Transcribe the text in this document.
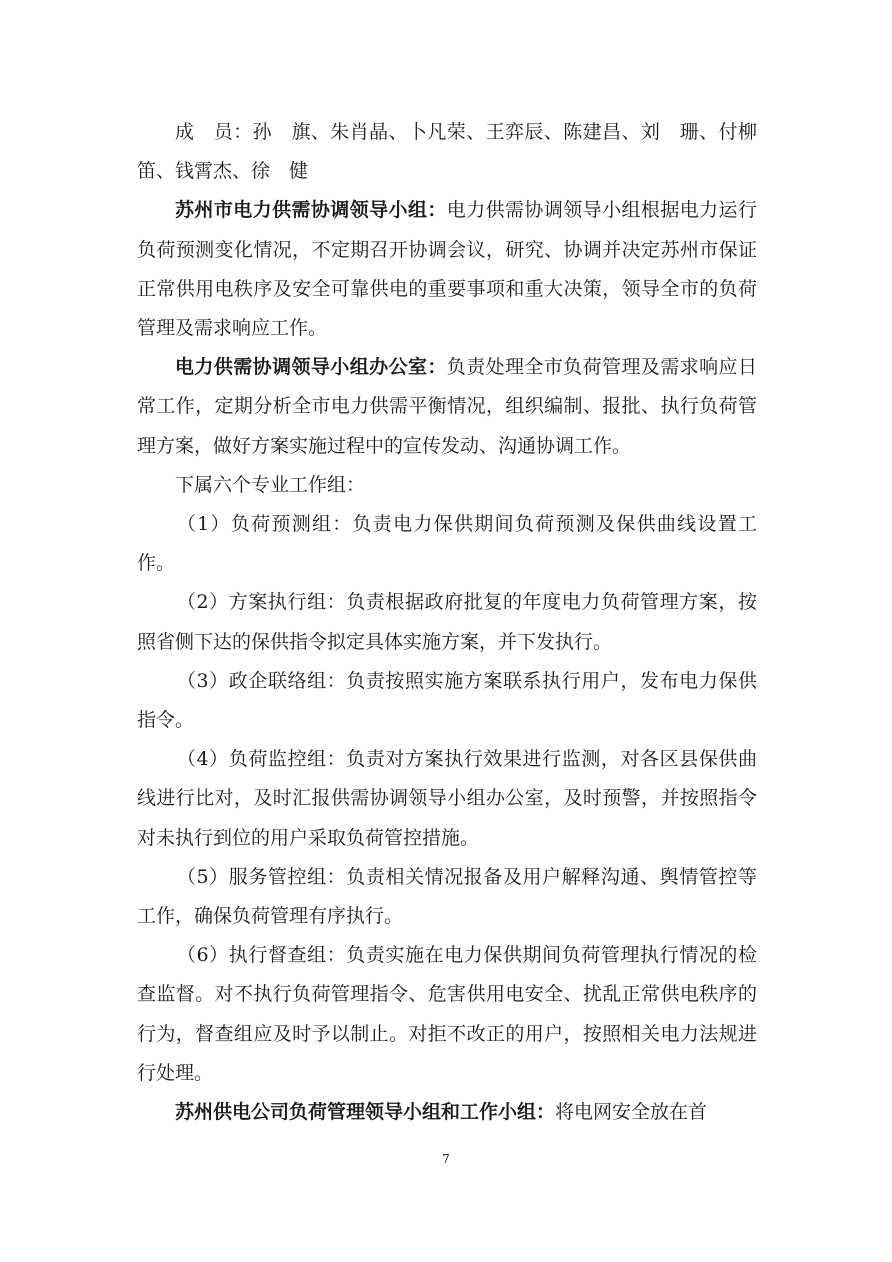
成　员：孙　旗、朱肖晶、卜凡荣、王弈辰、陈建昌、刘　珊、付柳笛、钱霄杰、徐　健

苏州市电力供需协调领导小组：电力供需协调领导小组根据电力运行负荷预测变化情况，不定期召开协调会议，研究、协调并决定苏州市保证正常供用电秩序及安全可靠供电的重要事项和重大决策，领导全市的负荷管理及需求响应工作。

电力供需协调领导小组办公室：负责处理全市负荷管理及需求响应日常工作，定期分析全市电力供需平衡情况，组织编制、报批、执行负荷管理方案，做好方案实施过程中的宣传发动、沟通协调工作。

下属六个专业工作组：

（1）负荷预测组：负责电力保供期间负荷预测及保供曲线设置工作。

（2）方案执行组：负责根据政府批复的年度电力负荷管理方案，按照省侧下达的保供指令拟定具体实施方案，并下发执行。

（3）政企联络组：负责按照实施方案联系执行用户，发布电力保供指令。

（4）负荷监控组：负责对方案执行效果进行监测，对各区县保供曲线进行比对，及时汇报供需协调领导小组办公室，及时预警，并按照指令对未执行到位的用户采取负荷管控措施。

（5）服务管控组：负责相关情况报备及用户解释沟通、舆情管控等工作，确保负荷管理有序执行。

（6）执行督查组：负责实施在电力保供期间负荷管理执行情况的检查监督。对不执行负荷管理指令、危害供用电安全、扰乱正常供电秩序的行为，督查组应及时予以制止。对拒不改正的用户，按照相关电力法规进行处理。

苏州供电公司负荷管理领导小组和工作小组：将电网安全放在首

7
